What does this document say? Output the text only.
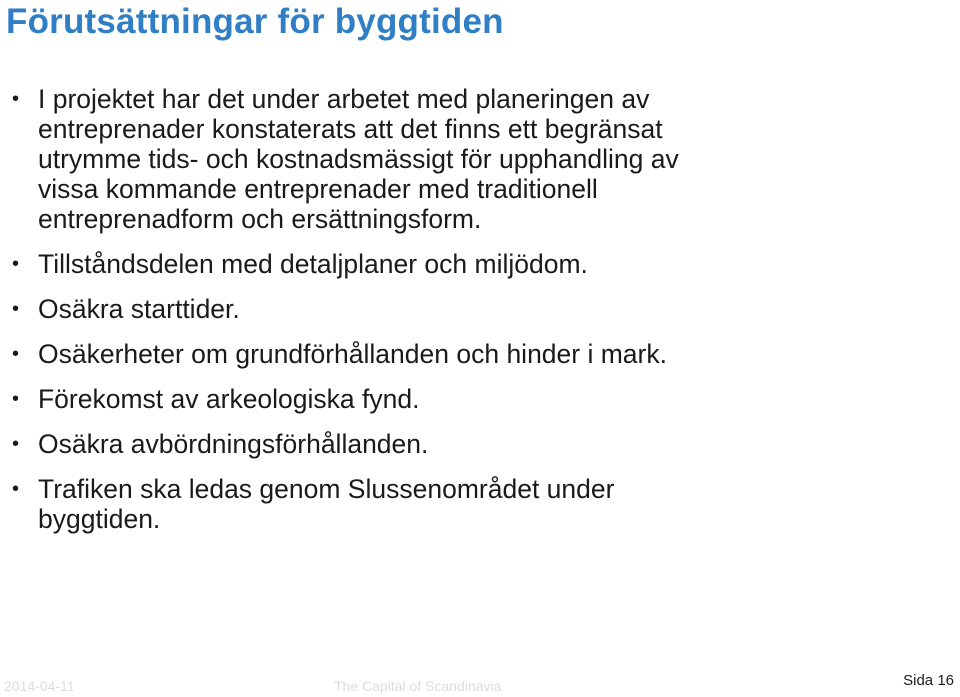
Förutsättningar för byggtiden
• I projektet har det under arbetet med planeringen av entreprenader konstaterats att det finns ett begränsat utrymme tids- och kostnadsmässigt för upphandling av vissa kommande entreprenader med traditionell entreprenadform och ersättningsform.
• Tillståndsdelen med detaljplaner och miljödom.
• Osäkra starttider.
• Osäkerheter om grundförhållanden och hinder i mark.
• Förekomst av arkeologiska fynd.
• Osäkra avbördningsförhållanden.
• Trafiken ska ledas genom Slussenområdet under byggtiden.
2014-04-11	The Capital of Scandinavia	Sida 16
